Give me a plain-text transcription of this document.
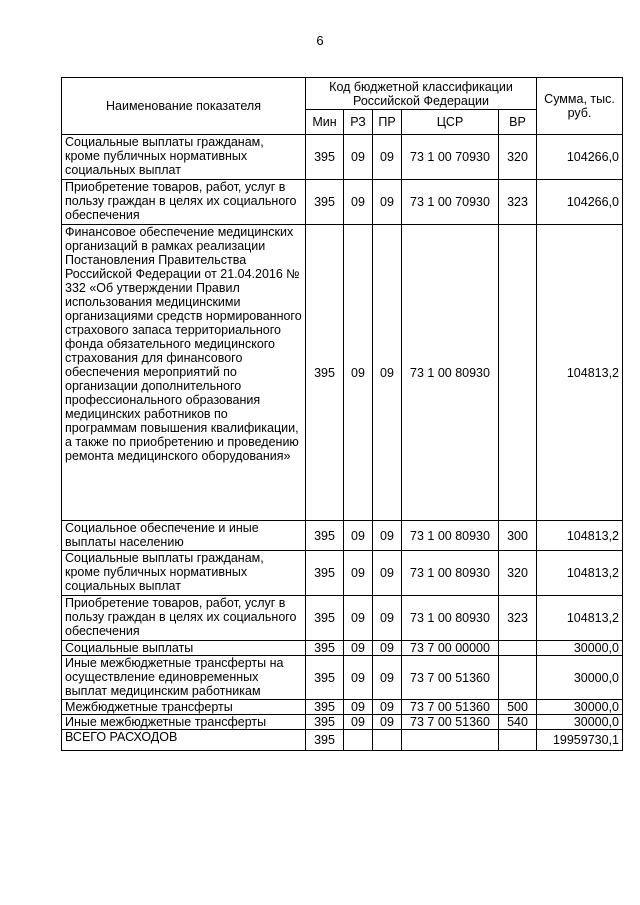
6
Наименование показателя	Код бюджетной классификации Российской Федерации					Сумма, тыс. руб.
	Мин	РЗ	ПР	ЦСР	ВР	
Социальные выплаты гражданам, кроме публичных нормативных социальных выплат	395	09	09	73 1 00 70930	320	104266,0
Приобретение товаров, работ, услуг в пользу граждан в целях их социального обеспечения	395	09	09	73 1 00 70930	323	104266,0
Финансовое обеспечение медицинских организаций в рамках реализации Постановления Правительства Российской Федерации от 21.04.2016 № 332 «Об утверждении Правил использования медицинскими организациями средств нормированного страхового запаса территориального фонда обязательного медицинского страхования для финансового обеспечения мероприятий по организации дополнительного профессионального образования медицинских работников по программам повышения квалификации, а также по приобретению и проведению ремонта медицинского оборудования»	395	09	09	73 1 00 80930		104813,2
Социальное обеспечение и иные выплаты населению	395	09	09	73 1 00 80930	300	104813,2
Социальные выплаты гражданам, кроме публичных нормативных социальных выплат	395	09	09	73 1 00 80930	320	104813,2
Приобретение товаров, работ, услуг в пользу граждан в целях их социального обеспечения	395	09	09	73 1 00 80930	323	104813,2
Социальные выплаты	395	09	09	73 7 00 00000		30000,0
Иные межбюджетные трансферты на осуществление единовременных выплат медицинским работникам	395	09	09	73 7 00 51360		30000,0
Межбюджетные трансферты	395	09	09	73 7 00 51360	500	30000,0
Иные межбюджетные трансферты	395	09	09	73 7 00 51360	540	30000,0
ВСЕГО РАСХОДОВ	395					19959730,1
